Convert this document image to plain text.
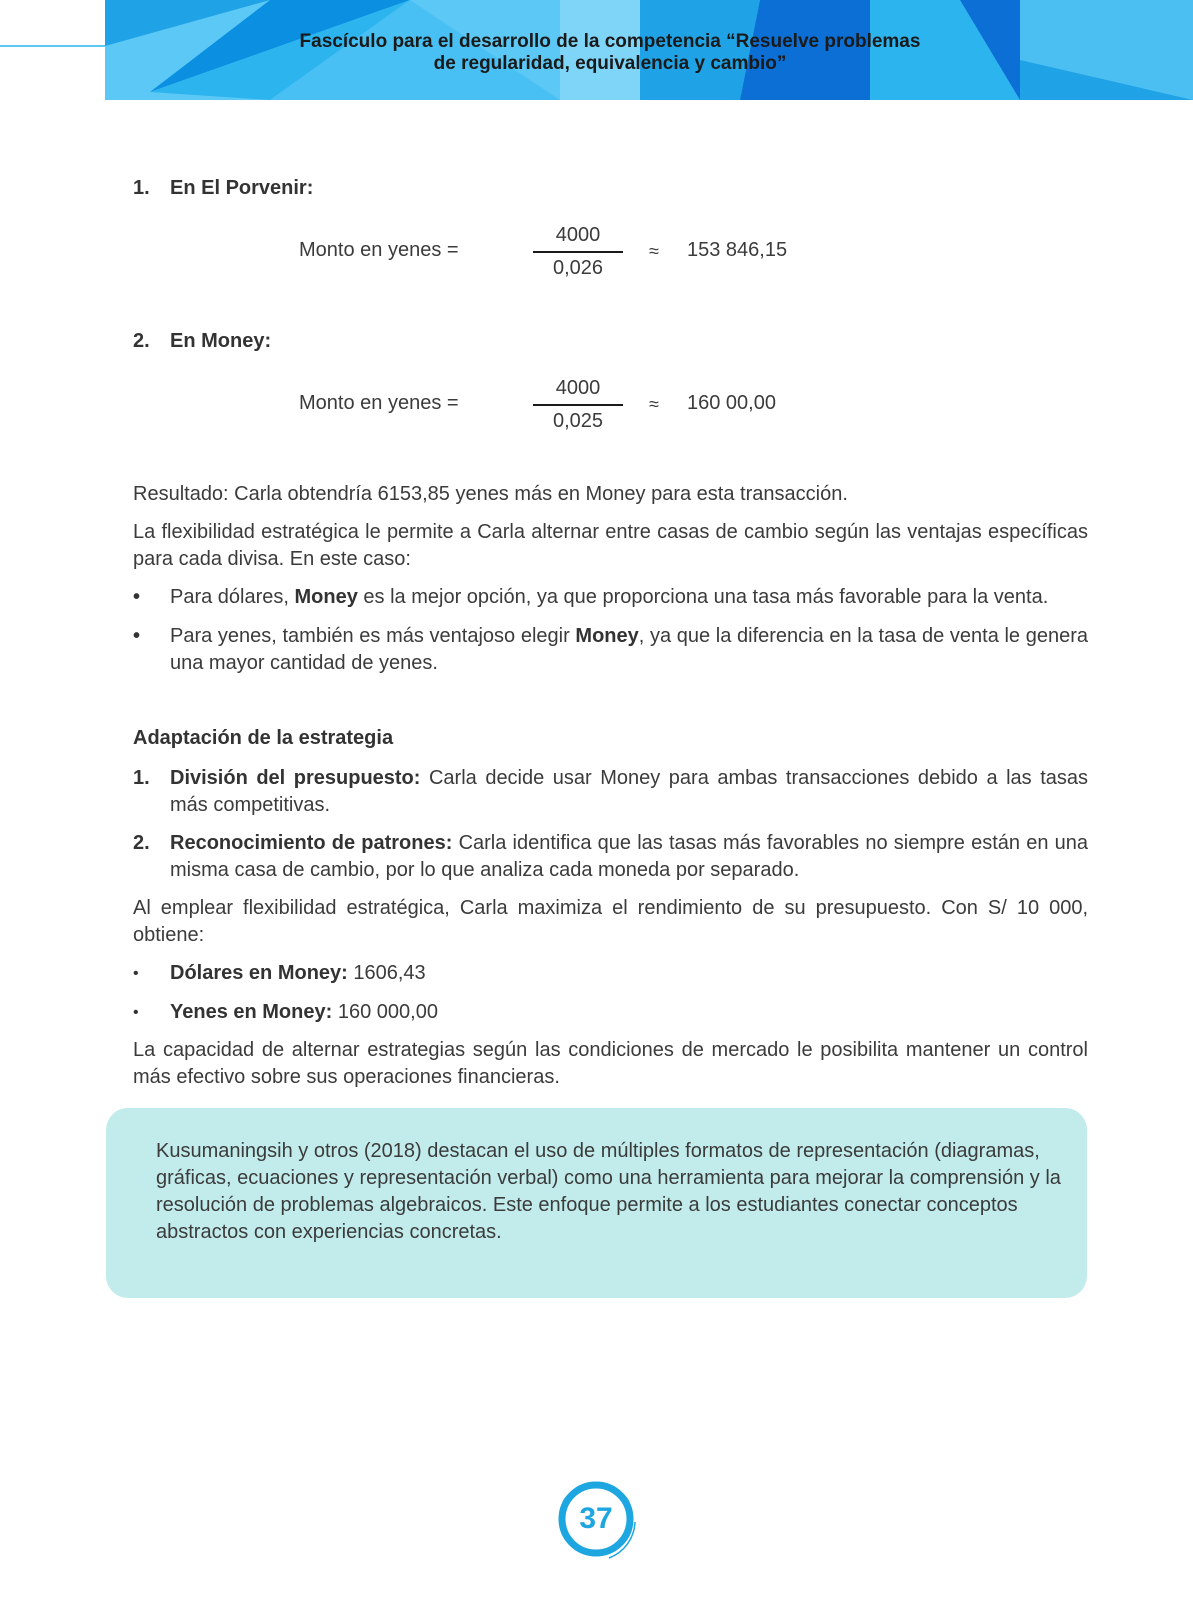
Fascículo para el desarrollo de la competencia “Resuelve problemas
de regularidad, equivalencia y cambio”
1. En El Porvenir:
Monto en yenes =
4000
0,026
≈ 153 846,15
2. En Money:
Monto en yenes =
4000
0,025
≈ 160 00,00
Resultado: Carla obtendría 6153,85 yenes más en Money para esta transacción.
La flexibilidad estratégica le permite a Carla alternar entre casas de cambio según las ventajas específicas para cada divisa. En este caso:
• Para dólares, Money es la mejor opción, ya que proporciona una tasa más favorable para la venta.
• Para yenes, también es más ventajoso elegir Money, ya que la diferencia en la tasa de venta le genera una mayor cantidad de yenes.
Adaptación de la estrategia
1. División del presupuesto: Carla decide usar Money para ambas transacciones debido a las tasas más competitivas.
2. Reconocimiento de patrones: Carla identifica que las tasas más favorables no siempre están en una misma casa de cambio, por lo que analiza cada moneda por separado.
Al emplear flexibilidad estratégica, Carla maximiza el rendimiento de su presupuesto. Con S/ 10 000, obtiene:
• Dólares en Money: 1606,43
• Yenes en Money: 160 000,00
La capacidad de alternar estrategias según las condiciones de mercado le posibilita mantener un control más efectivo sobre sus operaciones financieras.
Kusumaningsih y otros (2018) destacan el uso de múltiples formatos de representación (diagramas, gráficas, ecuaciones y representación verbal) como una herramienta para mejorar la comprensión y la resolución de problemas algebraicos. Este enfoque permite a los estudiantes conectar conceptos abstractos con experiencias concretas.
37
